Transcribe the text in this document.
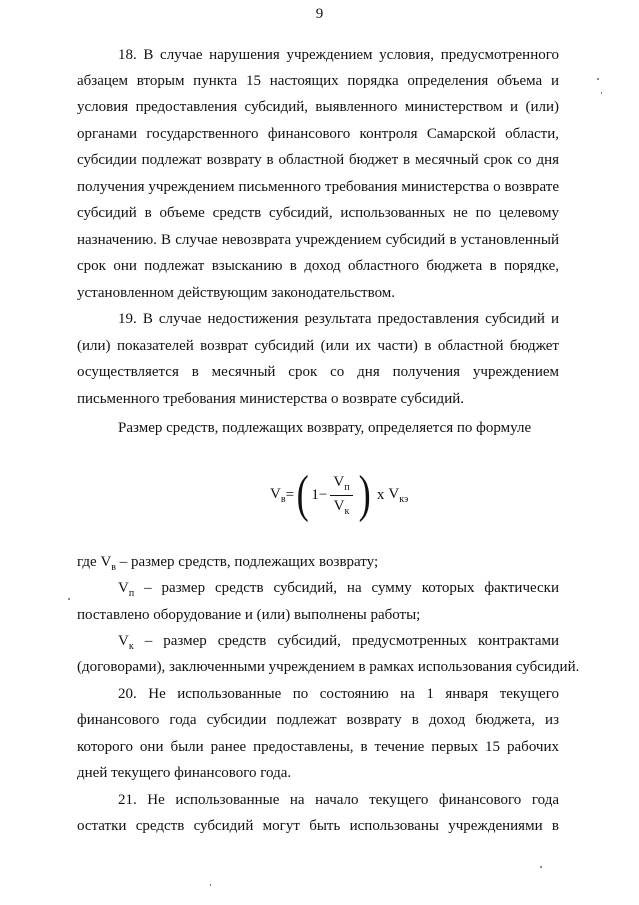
9
18. В случае нарушения учреждением условия, предусмотренного
абзацем вторым пункта 15 настоящих порядка определения объема и
условия предоставления субсидий, выявленного министерством и (или)
органами государственного финансового контроля Самарской области,
субсидии подлежат возврату в областной бюджет в месячный срок со дня
получения учреждением письменного требования министерства о возврате
субсидий в объеме средств субсидий, использованных не по целевому
назначению. В случае невозврата учреждением субсидий в установленный
срок они подлежат взысканию в доход областного бюджета в порядке,
установленном действующим законодательством.
19. В случае недостижения результата предоставления субсидий и
(или) показателей возврат субсидий (или их части) в областной бюджет
осуществляется в месячный срок со дня получения учреждением
письменного требования министерства о возврате субсидий.
Размер средств, подлежащих возврату, определяется по формуле
$V_в$ = ( $1 - \frac{V_п}{V_к}$ ) x $V_{кэ}$
где $V_в$ – размер средств, подлежащих возврату;
$V_п$ – размер средств субсидий, на сумму которых фактически
поставлено оборудование и (или) выполнены работы;
$V_к$ – размер средств субсидий, предусмотренных контрактами
(договорами), заключенными учреждением в рамках использования субсидий.
20. Не использованные по состоянию на 1 января текущего
финансового года субсидии подлежат возврату в доход бюджета, из
которого они были ранее предоставлены, в течение первых 15 рабочих
дней текущего финансового года.
21. Не использованные на начало текущего финансового года
остатки средств субсидий могут быть использованы учреждениями в
